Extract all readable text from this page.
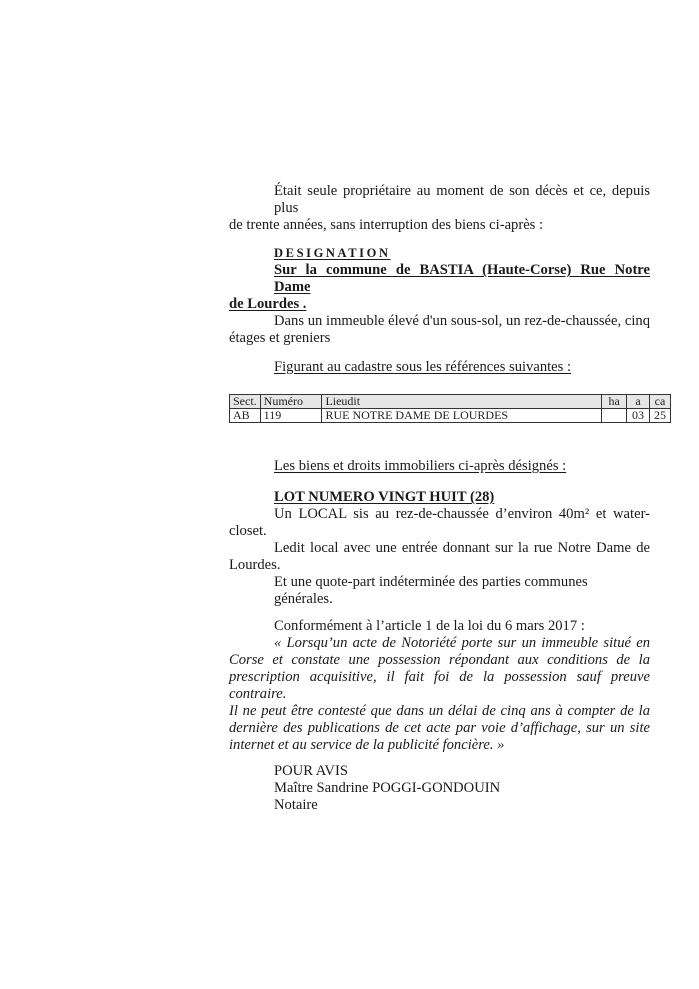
Était seule propriétaire au moment de son décès et ce, depuis plus
de trente années, sans interruption des biens ci-après :
DESIGNATION
Sur la commune de BASTIA (Haute-Corse) Rue Notre Dame
de Lourdes .
Dans un immeuble élevé d'un sous-sol, un rez-de-chaussée, cinq
étages et greniers
Figurant au cadastre sous les références suivantes :
Sect.	Numéro	Lieudit	ha	a	ca
AB	119	RUE NOTRE DAME DE LOURDES		03	25
Les biens et droits immobiliers ci-après désignés :
LOT NUMERO VINGT HUIT (28)
Un LOCAL sis au rez-de-chaussée d’environ 40m² et water-
closet.
Ledit local avec une entrée donnant sur la rue Notre Dame de
Lourdes.
Et une quote-part indéterminée des parties communes générales.
Conformément à l’article 1 de la loi du 6 mars 2017 :
« Lorsqu’un acte de Notoriété porte sur un immeuble situé en
Corse et constate une possession répondant aux conditions de la
prescription acquisitive, il fait foi de la possession sauf preuve contraire.
Il ne peut être contesté que dans un délai de cinq ans à compter de la
dernière des publications de cet acte par voie d’affichage, sur un site
internet et au service de la publicité foncière. »
POUR AVIS
Maître Sandrine POGGI-GONDOUIN
Notaire
